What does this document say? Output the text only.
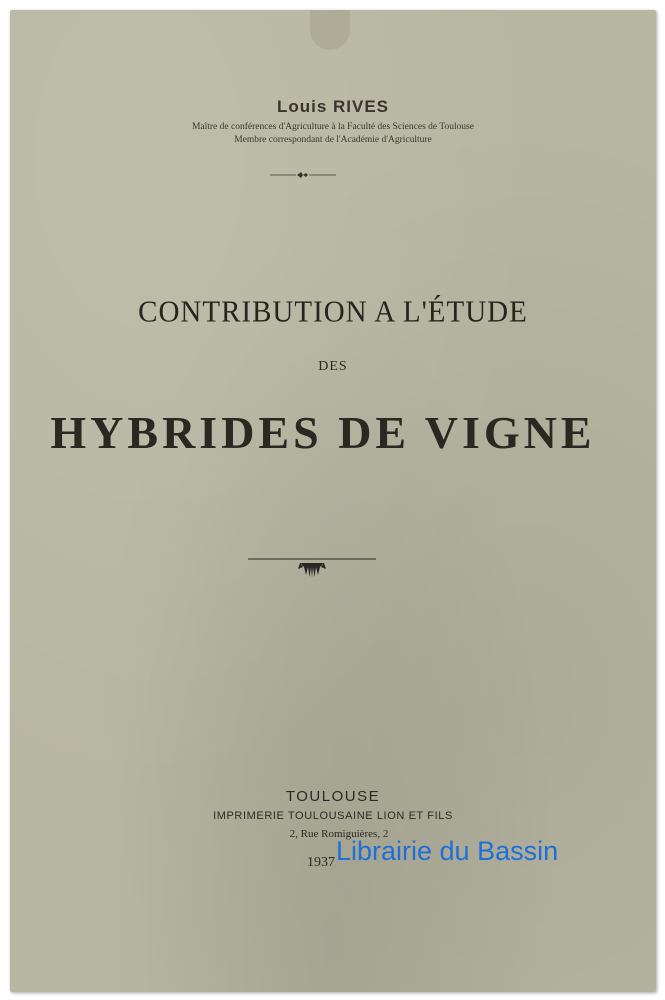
Louis RIVES
Maître de conférences d'Agriculture à la Faculté des Sciences de Toulouse
Membre correspondant de l'Académie d'Agriculture
CONTRIBUTION A L'ÉTUDE
DES
HYBRIDES DE VIGNE
TOULOUSE
IMPRIMERIE TOULOUSAINE LION ET FILS
2, Rue Romiguières, 2
1937 Librairie du Bassin
